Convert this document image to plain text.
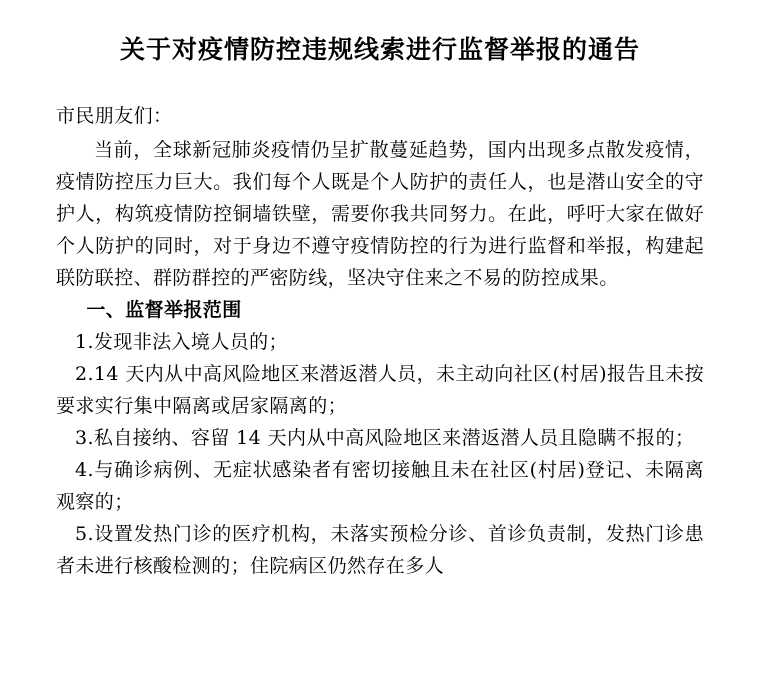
关于对疫情防控违规线索进行监督举报的通告

市民朋友们：

当前，全球新冠肺炎疫情仍呈扩散蔓延趋势，国内出现多点散发疫情，疫情防控压力巨大。我们每个人既是个人防护的责任人，也是潜山安全的守护人，构筑疫情防控铜墙铁壁，需要你我共同努力。在此，呼吁大家在做好个人防护的同时，对于身边不遵守疫情防控的行为进行监督和举报，构建起联防联控、群防群控的严密防线，坚决守住来之不易的防控成果。

一、监督举报范围

1.发现非法入境人员的；

2.14 天内从中高风险地区来潜返潜人员，未主动向社区(村居)报告且未按要求实行集中隔离或居家隔离的；

3.私自接纳、容留 14 天内从中高风险地区来潜返潜人员且隐瞒不报的；

4.与确诊病例、无症状感染者有密切接触且未在社区(村居)登记、未隔离观察的；

5.设置发热门诊的医疗机构，未落实预检分诊、首诊负责制，发热门诊患者未进行核酸检测的；住院病区仍然存在多人
